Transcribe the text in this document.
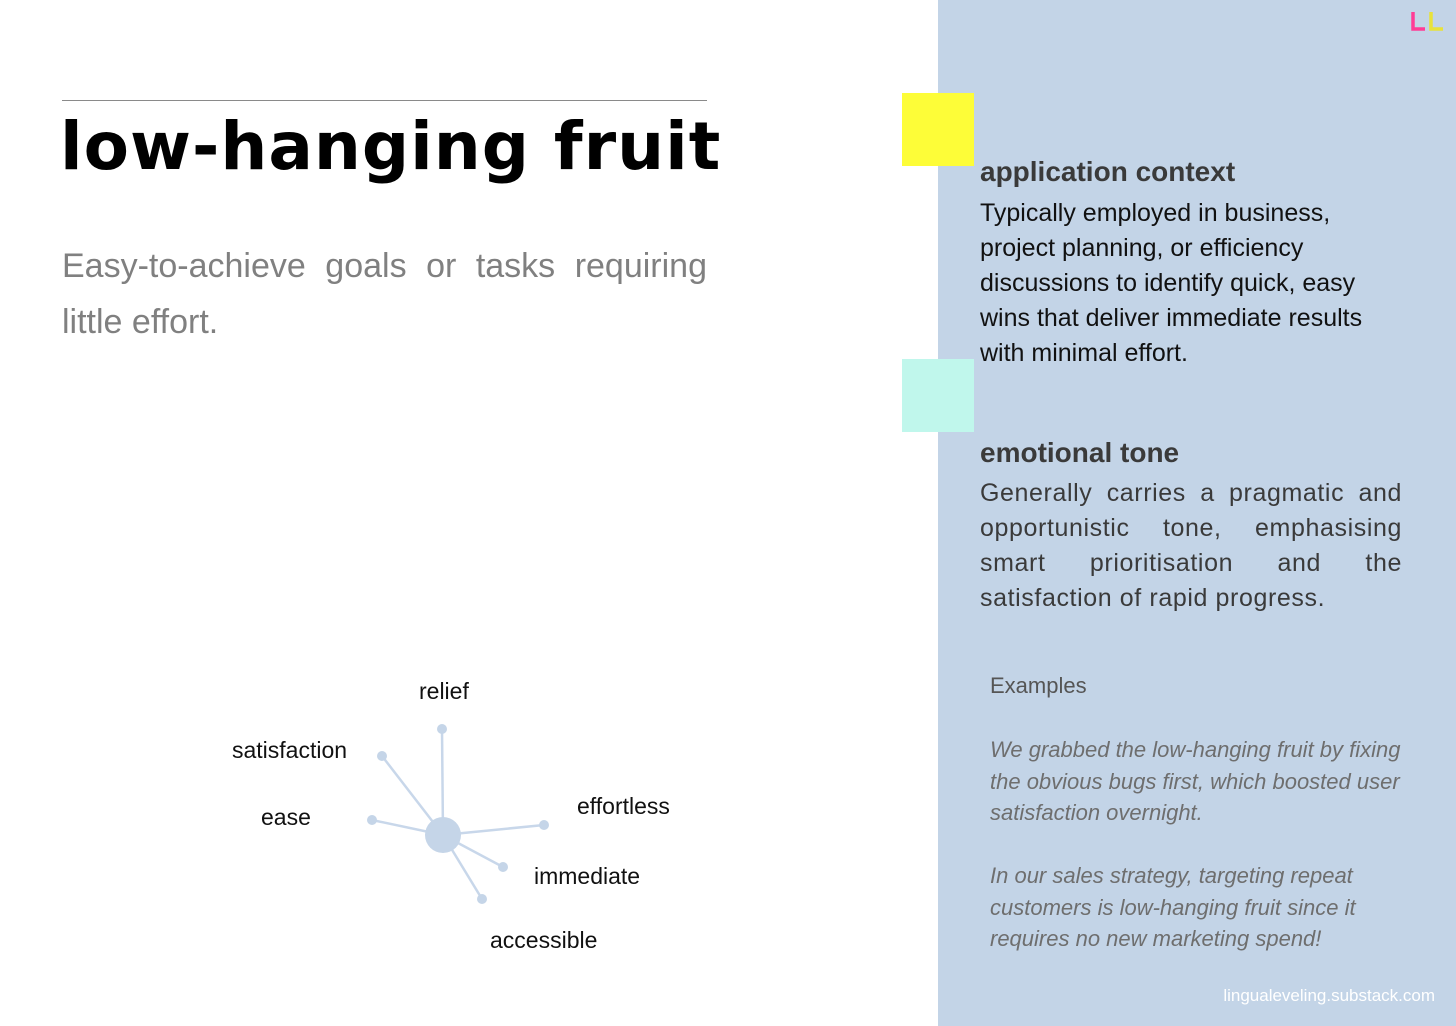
low-hanging fruit

Easy-to-achieve goals or tasks requiring little effort.

relief
satisfaction
ease	effortless
immediate
accessible
application context

Typically employed in business, project planning, or efficiency discussions to identify quick, easy wins that deliver immediate results with minimal effort.

emotional tone

Generally carries a pragmatic and opportunistic tone, emphasising smart prioritisation and the satisfaction of rapid progress.

Examples

We grabbed the low-hanging fruit by fixing the obvious bugs first, which boosted user satisfaction overnight.

In our sales strategy, targeting repeat customers is low-hanging fruit since it requires no new marketing spend!

lingualeveling.substack.com
